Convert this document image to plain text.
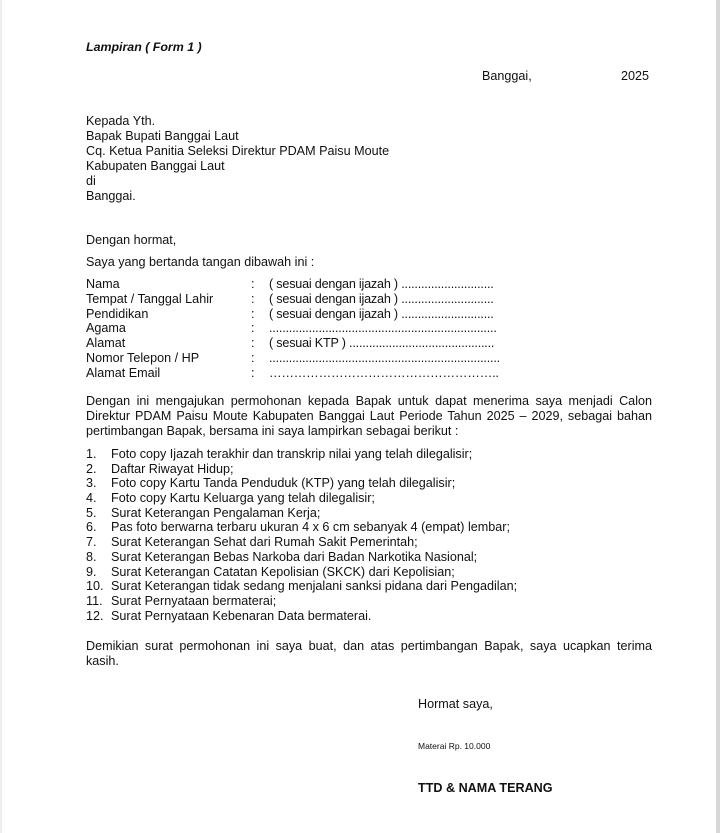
Lampiran ( Form 1 )
Banggai,	2025
Kepada Yth.
Bapak Bupati Banggai Laut
Cq. Ketua Panitia Seleksi Direktur PDAM Paisu Moute
Kabupaten Banggai Laut
di
Banggai.
Dengan hormat,
Saya yang bertanda tangan dibawah ini :
Nama	: ( sesuai dengan ijazah ) ............................
Tempat / Tanggal Lahir	: ( sesuai dengan ijazah ) ............................
Pendidikan	: ( sesuai dengan ijazah ) ............................
Agama	: .....................................................................
Alamat	: ( sesuai KTP ) ............................................
Nomor Telepon / HP	: ......................................................................
Alamat Email	: ………………………………………………..
Dengan ini mengajukan permohonan kepada Bapak untuk dapat menerima saya menjadi Calon
Direktur PDAM Paisu Moute Kabupaten Banggai Laut Periode Tahun 2025 – 2029, sebagai bahan
pertimbangan Bapak, bersama ini saya lampirkan sebagai berikut :
1. Foto copy Ijazah terakhir dan transkrip nilai yang telah dilegalisir;
2. Daftar Riwayat Hidup;
3. Foto copy Kartu Tanda Penduduk (KTP) yang telah dilegalisir;
4. Foto copy Kartu Keluarga yang telah dilegalisir;
5. Surat Keterangan Pengalaman Kerja;
6. Pas foto berwarna terbaru ukuran 4 x 6 cm sebanyak 4 (empat) lembar;
7. Surat Keterangan Sehat dari Rumah Sakit Pemerintah;
8. Surat Keterangan Bebas Narkoba dari Badan Narkotika Nasional;
9. Surat Keterangan Catatan Kepolisian (SKCK) dari Kepolisian;
10. Surat Keterangan tidak sedang menjalani sanksi pidana dari Pengadilan;
11. Surat Pernyataan bermaterai;
12. Surat Pernyataan Kebenaran Data bermaterai.
Demikian surat permohonan ini saya buat, dan atas pertimbangan Bapak, saya ucapkan terima
kasih.
Hormat saya,
Materai Rp. 10.000
TTD & NAMA TERANG
